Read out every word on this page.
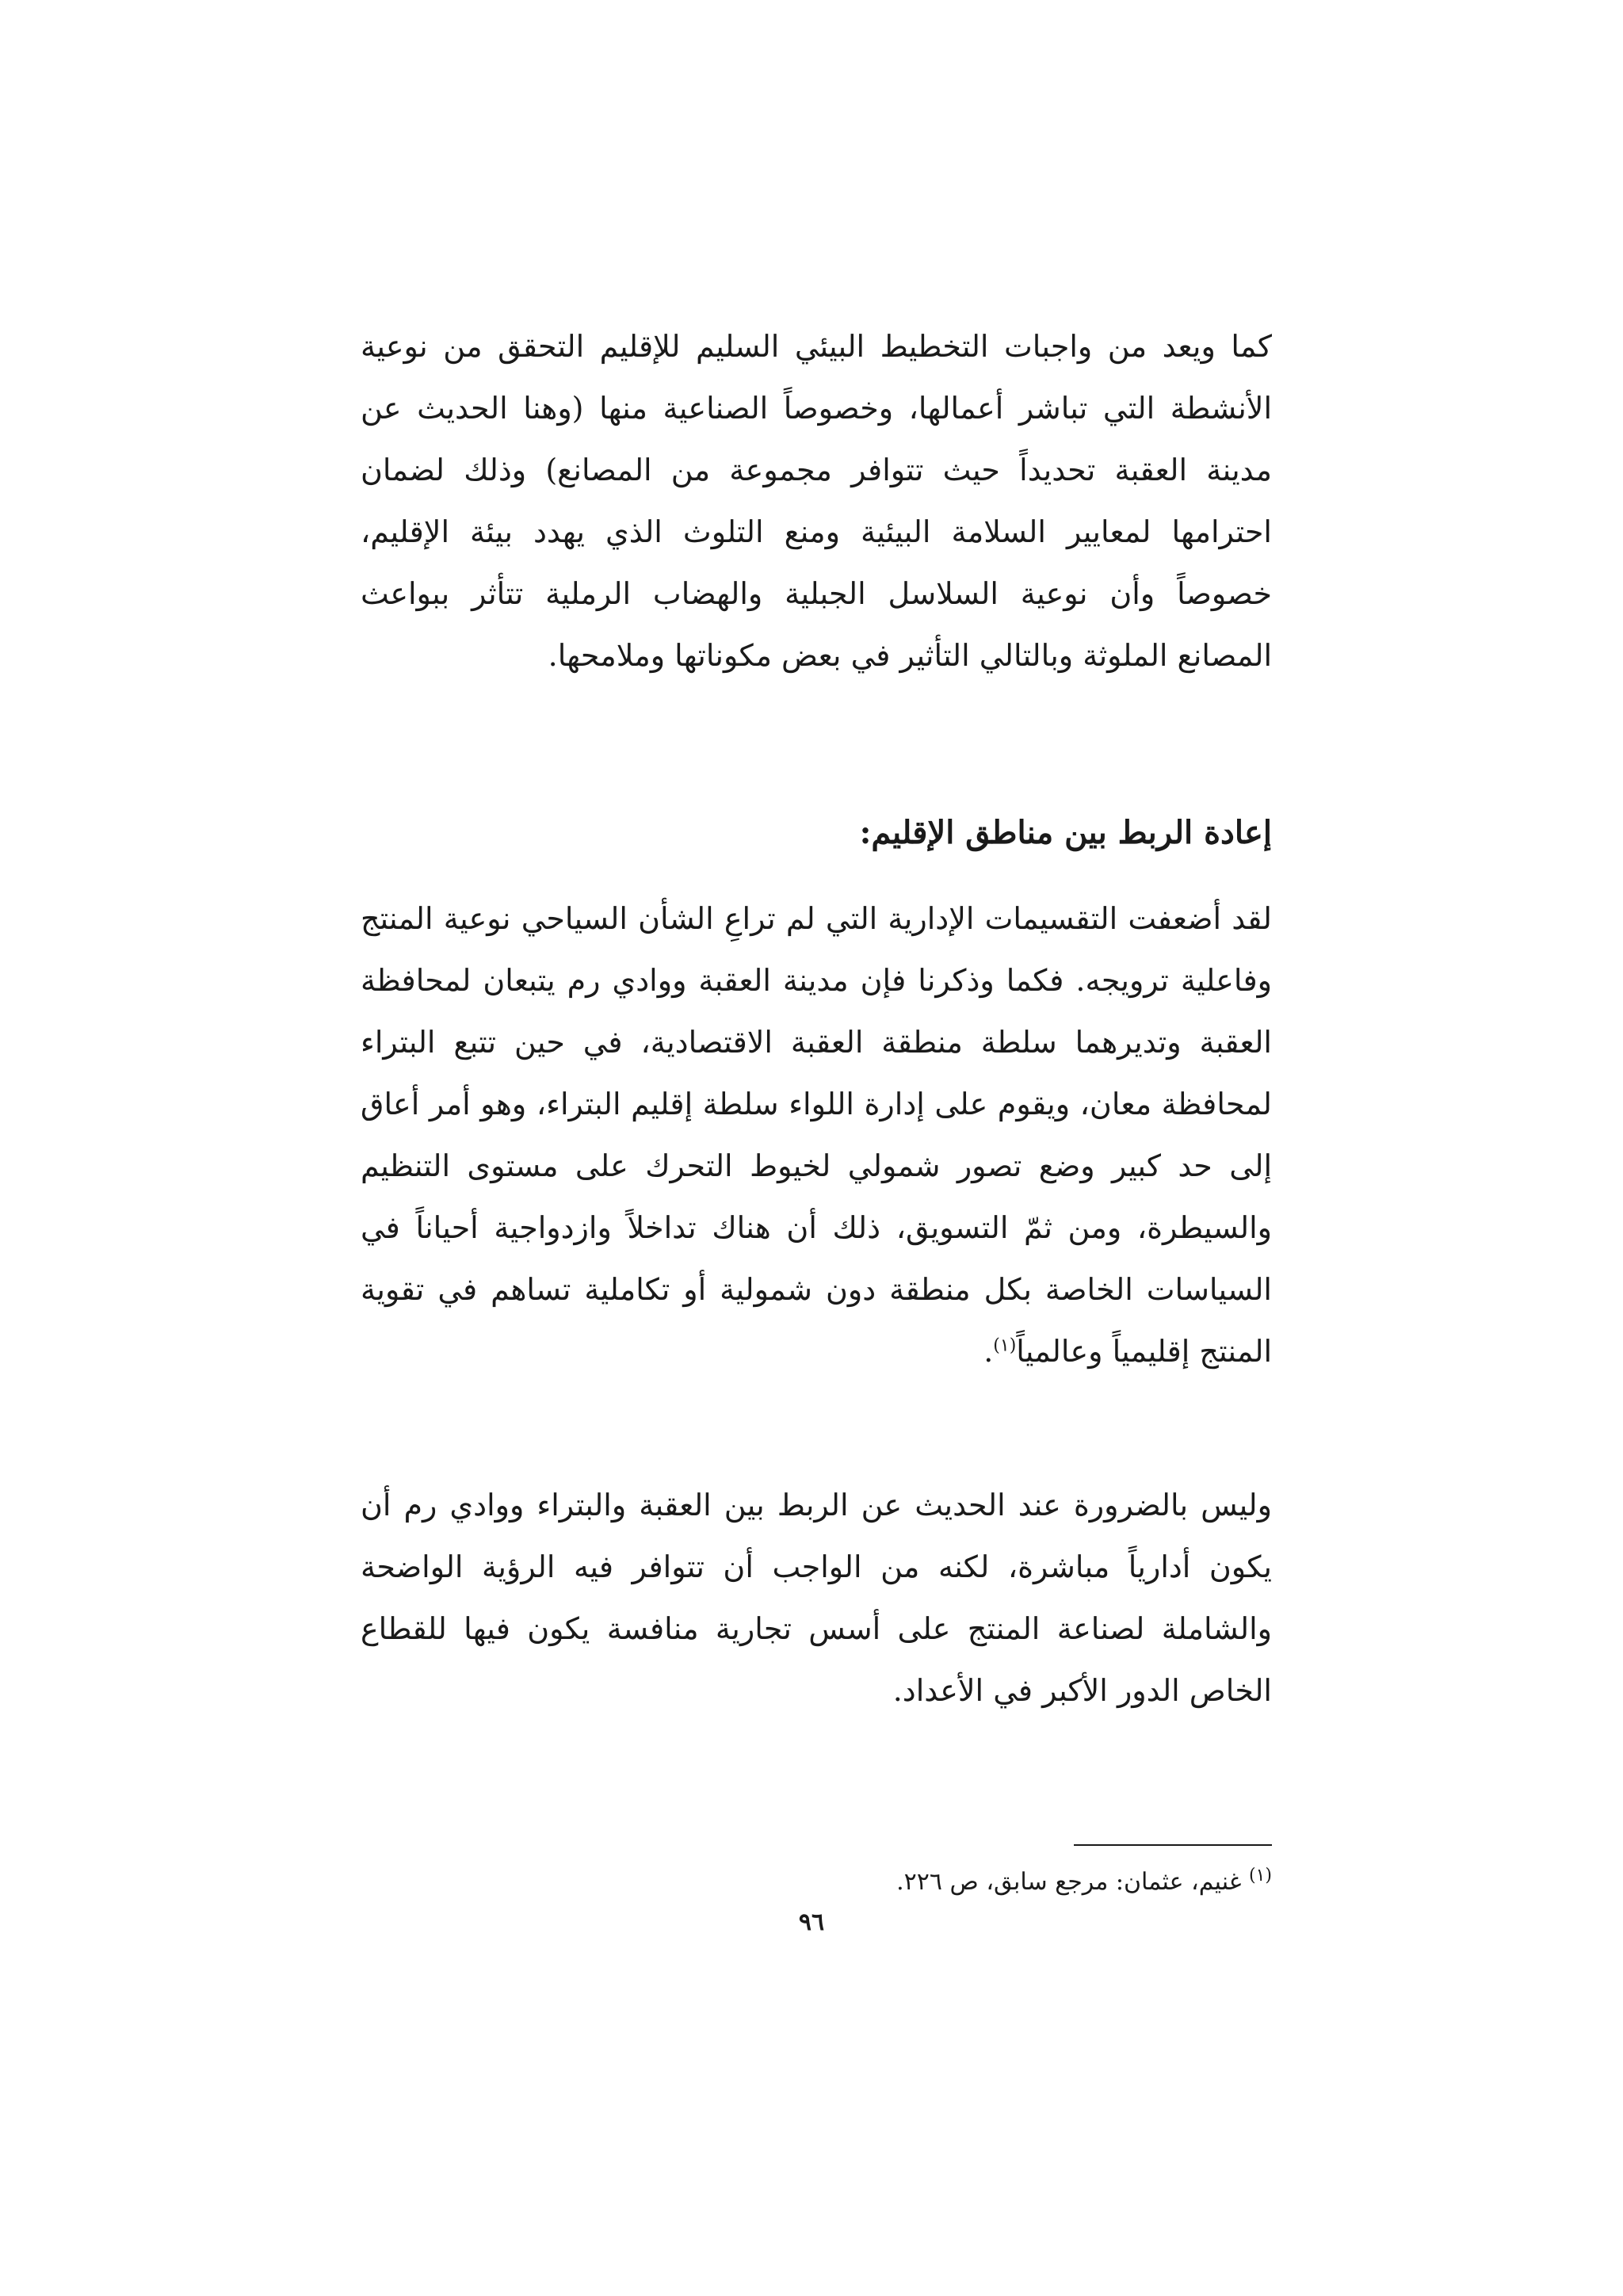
كما ويعد من واجبات التخطيط البيئي السليم للإقليم التحقق من نوعية الأنشطة التي تباشر أعمالها، وخصوصاً الصناعية منها (وهنا الحديث عن مدينة العقبة تحديداً حيث تتوافر مجموعة من المصانع) وذلك لضمان احترامها لمعايير السلامة البيئية ومنع التلوث الذي يهدد بيئة الإقليم، خصوصاً وأن نوعية السلاسل الجبلية والهضاب الرملية تتأثر ببواعث المصانع الملوثة وبالتالي التأثير في بعض مكوناتها وملامحها.
إعادة الربط بين مناطق الإقليم:
لقد أضعفت التقسيمات الإدارية التي لم تراعِ الشأن السياحي نوعية المنتج وفاعلية ترويجه. فكما وذكرنا فإن مدينة العقبة ووادي رم يتبعان لمحافظة العقبة وتديرهما سلطة منطقة العقبة الاقتصادية، في حين تتبع البتراء لمحافظة معان، ويقوم على إدارة اللواء سلطة إقليم البتراء، وهو أمر أعاق إلى حد كبير وضع تصور شمولي لخيوط التحرك على مستوى التنظيم والسيطرة، ومن ثمّ التسويق، ذلك أن هناك تداخلاً وازدواجية أحياناً في السياسات الخاصة بكل منطقة دون شمولية أو تكاملية تساهم في تقوية المنتج إقليمياً وعالمياً$^{(١)}$.
وليس بالضرورة عند الحديث عن الربط بين العقبة والبتراء ووادي رم أن يكون أدارياً مباشرة، لكنه من الواجب أن تتوافر فيه الرؤية الواضحة والشاملة لصناعة المنتج على أسس تجارية منافسة يكون فيها للقطاع الخاص الدور الأكبر في الأعداد.
$^{(١)}$ غنيم، عثمان: مرجع سابق، ص ٢٢٦.
٩٦
